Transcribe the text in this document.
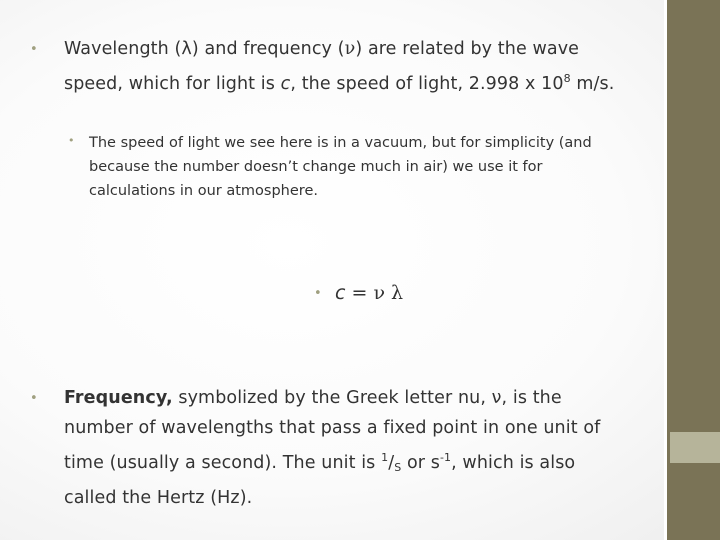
• Wavelength (λ) and frequency (ν) are related by the wave
speed, which for light is c, the speed of light, 2.998 x $10^8$ m/s.
• The speed of light we see here is in a vacuum, but for simplicity (and
because the number doesn’t change much in air) we use it for
calculations in our atmosphere.
• c = ν λ
• Frequency, symbolized by the Greek letter nu, ν, is the
number of wavelengths that pass a fixed point in one unit of
time (usually a second). The unit is $^1/_S$ or $s^{-1}$, which is also
called the Hertz (Hz).
